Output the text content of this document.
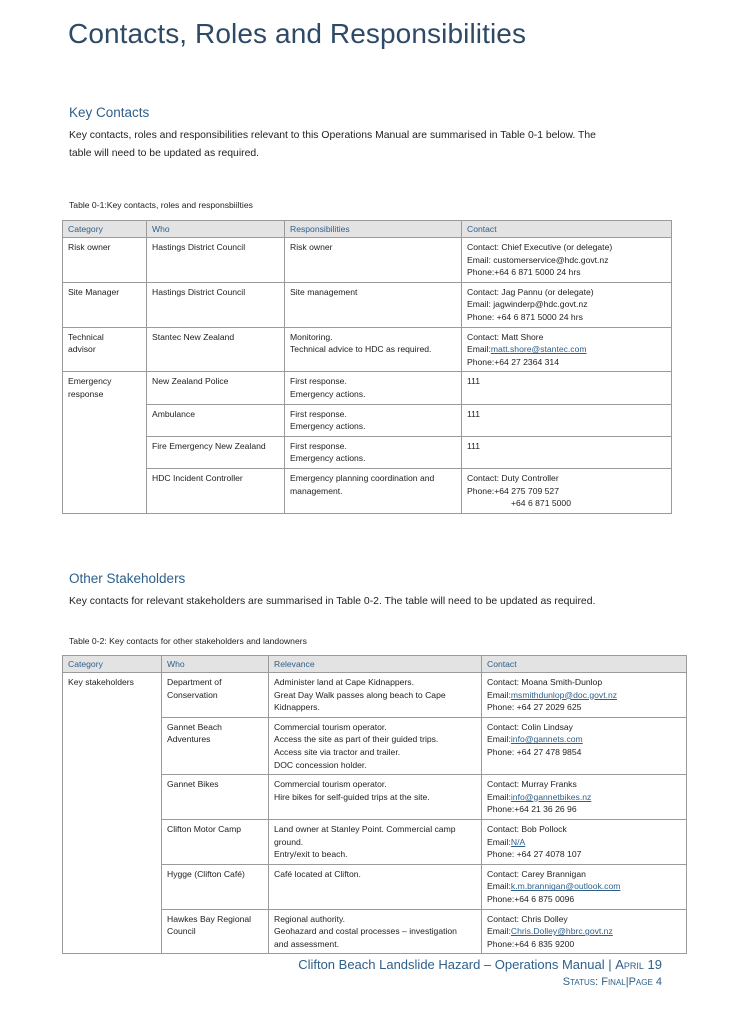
Contacts, Roles and Responsibilities
Key Contacts
Key contacts, roles and responsibilities relevant to this Operations Manual are summarised in Table 0-1 below. The
table will need to be updated as required.
Table 0-1:Key contacts, roles and responsbiilties
Category	Who	Responsibilities	Contact

Risk owner	Hastings District Council	Risk owner	Contact: Chief Executive (or delegate)
Email: customerservice@hdc.govt.nz
Phone:+64 6 871 5000 24 hrs

Site Manager	Hastings District Council	Site management	Contact: Jag Pannu (or delegate)
Email: jagwinderp@hdc.govt.nz
Phone: +64 6 871 5000 24 hrs

Technical
advisor	Stantec New Zealand	Monitoring.
Technical advice to HDC as required.	Contact: Matt Shore
Email:matt.shore@stantec.com
Phone:+64 27 2364 314

Emergency
response	New Zealand Police	First response.
Emergency actions.	111

	Ambulance	First response.
Emergency actions.	111

	Fire Emergency New Zealand	First response.
Emergency actions.	111

	HDC Incident Controller	Emergency planning coordination and
management.	Contact: Duty Controller
Phone:+64 275 709 527
+64 6 871 5000
Other Stakeholders
Key contacts for relevant stakeholders are summarised in Table 0-2. The table will need to be updated as required.
Table 0-2: Key contacts for other stakeholders and landowners
Category	Who	Relevance	Contact

Key stakeholders	Department of
Conservation	Administer land at Cape Kidnappers.
Great Day Walk passes along beach to Cape
Kidnappers.	Contact: Moana Smith-Dunlop
Email:msmithdunlop@doc.govt.nz
Phone: +64 27 2029 625

	Gannet Beach
Adventures	Commercial tourism operator.
Access the site as part of their guided trips.
Access site via tractor and trailer.
DOC concession holder.	Contact: Colin Lindsay
Email:info@gannets.com
Phone: +64 27 478 9854

	Gannet Bikes	Commercial tourism operator.
Hire bikes for self-guided trips at the site.	Contact: Murray Franks
Email:info@gannetbikes.nz
Phone:+64 21 36 26 96

	Clifton Motor Camp	Land owner at Stanley Point. Commercial camp
ground.
Entry/exit to beach.	Contact: Bob Pollock
Email:N/A
Phone: +64 27 4078 107

	Hygge (Clifton Café)	Café located at Clifton.	Contact: Carey Brannigan
Email:k.m.brannigan@outlook.com
Phone:+64 6 875 0096

	Hawkes Bay Regional
Council	Regional authority.
Geohazard and costal processes – investigation
and assessment.	Contact: Chris Dolley
Email:Chris.Dolley@hbrc.govt.nz
Phone:+64 6 835 9200
Clifton Beach Landslide Hazard – Operations Manual | April 19
Status: Final|Page 4
